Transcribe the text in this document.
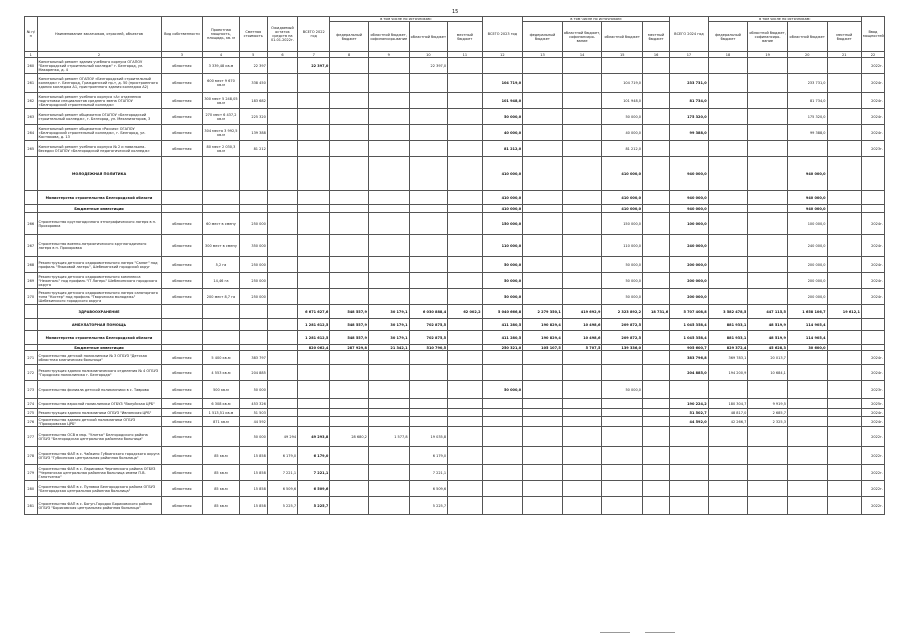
15
№ п/п	Наименование заказчиков, отраслей, объектов	Вид собственности	Проектная мощность, площадь, кв. м	Сметная стоимость	Ожидаемый остаток средств на 01.01.2022г.	ВСЕГО 2022 год	в том числе по источникам:				ВСЕГО 2023 год	в том числе по источникам:				ВСЕГО 2024 год	в том числе по источникам:				Ввод мощностей
							федеральный бюджет	областной бюджет, софинансиро-вание	областной бюджет	местный бюджет		федеральный бюджет	областной бюджет, софинансиро-вание	областной бюджет	местный бюджет		федеральный бюджет	областной бюджет, софинансиро-вание	областной бюджет	местный бюджет	
1	2	3	4	5	6	7	8	9	10	11	12	13	14	15	16	17	18	19	20	21	22
260	Капитальный ремонт здания учебного корпуса ОГАПОУ "Белгородский строительный колледж" г. Белгород, ул. Макаренко, д. 4	областная	3 339,48 кв.м	22 397		22 397,0			22 397,0												2022г.
261	Капитальный ремонт ОГАПОУ «Белгородский строительный колледж» г. Белгород, Гражданский пр-т, д. 50 (пристроенного здания колледжа А1, пристроенного здания колледжа А2)	областная	600 мест 9 670 кв.м	338 450							104 719,0			104 719,0		233 731,0			233 731,0		2024г.
262	Капитальный ремонт учебного корпуса «А» отделения подготовки специалистов среднего звена ОГАПОУ «Белгородский строительный колледж»	областная	300 мест 5 248,05 кв.м	183 682							101 948,0			101 948,0		81 734,0			81 734,0		2024г.
263	Капитальный ремонт общежития ОГАПОУ «Белгородский строительный колледж», г. Белгород, ул. Механизаторов, 3	областная	270 мест 6 437,2 кв.м	225 320							50 000,0			50 000,0		175 320,0			175 320,0		2024г.
264	Капитальный ремонт общежития «Россия» ОГАПОУ «Белгородский строительный колледж», г. Белгород, ул. Костюкова, д. 13	областная	304 места 3 992,5 кв.м	139 388							40 000,0			40 000,0		99 388,0			99 388,0		2024г.
265	Капитальный ремонт учебного корпуса № 2 и павильона-беседки ОГАПОУ «Белгородский педагогический колледж»	областная	80 мест 2 030,3 кв.м	81 212							81 212,0			81 212,0							2023г.
	МОЛОДЕЖНАЯ ПОЛИТИКА										410 000,0			410 000,0		940 000,0			940 000,0		
	Министерство строительства Белгородской области										410 000,0			410 000,0		940 000,0			940 000,0		
	Бюджетные инвестиции										410 000,0			410 000,0		940 000,0			940 000,0		
266	Строительство круглогодичного этнографического лагеря в п. Прохоровка	областная	60 мест в смену	250 000							150 000,0			150 000,0		100 000,0			100 000,0		2024г.
267	Строительство военно-патриотического круглогодичного лагеря в п. Прохоровка	областная	300 мест в смену	350 000							110 000,0			110 000,0		240 000,0			240 000,0		2024г.
268	Реконструкция детского оздоровительного лагеря "Салют" под профиль "Языковой лагерь", Шебекинский городской округ	областная	5,2 га	250 000							50 000,0			50 000,0		200 000,0			200 000,0		2024г.
269	Реконструкция детского оздоровительного комплекса "Нежеголь" под профиль "IT Лагерь" Шебекинского городского округа	областная	14,46 га	250 000							50 000,0			50 000,0		200 000,0			200 000,0		2024г.
270	Реконструкция детского оздоровительного лагеря санаторного типа "Костер" под профиль "Творческая молодежь" Шебекинского городского округа	областная	200 мест 8,7 га	250 000							50 000,0			50 000,0		200 000,0			200 000,0		2024г.
	ЗДРАВООХРАНЕНИЕ					6 671 627,6	548 557,9	30 179,1	6 030 888,4	62 002,2	5 040 666,8	2 279 350,1	419 692,9	2 323 892,2	18 731,6	5 707 408,8	3 582 478,5	447 115,5	1 658 106,7	19 612,1	
	АМБУЛАТОРНАЯ ПОМОЩЬ					1 281 612,5	548 557,9	30 179,1	702 875,5		411 280,5	190 829,4	10 498,6	209 872,5		1 045 358,4	881 933,1	48 519,9	114 905,4		
	Министерство строительства Белгородской области					1 281 612,5	548 557,9	30 179,1	702 875,5		411 280,5	190 829,4	10 498,6	209 872,5		1 045 358,4	881 933,1	48 519,9	114 905,4		
	Бюджетные инвестиции					820 062,4	287 929,8	21 342,1	510 790,5		250 321,0	105 107,5	5 707,5	139 336,0		905 600,7	829 372,4	45 628,3	30 600,0		
271	Строительство детской поликлиники № 3 ОГБУЗ "Детская областная клиническая больница"	областная	5 400 кв.м	383 797												383 796,8	369 783,1	20 013,7			2024г.
272	Реконструкция здания поликлинического отделения № 4 ОГБУЗ "Городская поликлиника г. Белгорода"	областная	4 553 кв.м	204 885												204 885,0	194 200,9	10 684,1			2024г.
273	Строительство филиала детской поликлиники в с. Таврово	областная	500 кв.м	50 000							50 000,0			50 000,0							2023г.
274	Строительство взрослой поликлиники ОГБУЗ "Валуйская ЦРБ"	областная	6 308 кв.м	453 326												190 224,2	180 304,7	9 919,5			2025г.
275	Реконструкция здания поликлиники ОГБУЗ "Ивнянская ЦРБ"	областная	1 513,51 кв.м	51 503												51 502,7	48 817,0	2 685,7			2024г.
276	Строительство здания детской поликлиники ОГБУЗ "Прохоровская ЦРБ"	областная	871 кв.м	44 592												44 592,0	42 266,7	2 325,3			2024г.
277	Строительство ОСВ в мкр. "Улитка" Белгородского района ОГБУЗ "Белгородская центральная районная больница"	областная		50 000	49 294	49 293,8	28 680,2	1 577,8	19 035,8												2022г.
278	Строительство ФАП в с. Чайкино Губкинского городского округа ОГБУЗ "Губкинская центральная районная больница"	областная	85 кв.м	15 858	6 179,0	6 179,0			6 179,0												2022г.
279	Строительство ФАП в с. Ларисовка Чернянского района ОГБУЗ "Чернянская центральная районная больница имени П.В. Гапотченко"	областная	85 кв.м	15 858	7 221,1	7 221,1			7 221,1												2022г.
280	Строительство ФАП в с. Пулявка Белгородского района ОГБУЗ "Белгородская центральная районная больница"	областная	85 кв.м	15 858	6 509,6	6 509,6			6 509,6												2022г.
281	Строительство ФАП в с. Богун-Городок Борисовского района ОГБУЗ "Борисовская центральная районная больница"	областная	85 кв.м	15 858	5 225,7	5 225,7			5 225,7												2022г.
